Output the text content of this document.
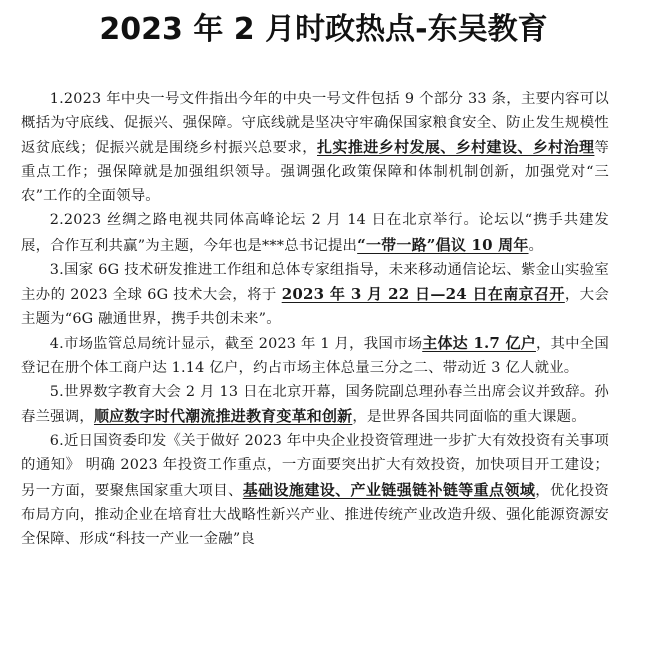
2023 年 2 月时政热点-东吴教育

1.2023 年中央一号文件指出今年的中央一号文件包括 9 个部分 33 条，主要内容可以概括为守底线、促振兴、强保障。守底线就是坚决守牢确保国家粮食安全、防止发生规模性返贫底线；促振兴就是围绕乡村振兴总要求，扎实推进乡村发展、乡村建设、乡村治理等重点工作；强保障就是加强组织领导。强调强化政策保障和体制机制创新，加强党对“三农”工作的全面领导。

2.2023 丝绸之路电视共同体高峰论坛 2 月 14 日在北京举行。论坛以“携手共建发展，合作互利共赢”为主题，今年也是***总书记提出“一带一路”倡议 10 周年。

3.国家 6G 技术研发推进工作组和总体专家组指导，未来移动通信论坛、紫金山实验室主办的 2023 全球 6G 技术大会，将于 2023 年 3 月 22 日—24 日在南京召开，大会主题为“6G 融通世界，携手共创未来”。

4.市场监管总局统计显示，截至 2023 年 1 月，我国市场主体达 1.7 亿户，其中全国登记在册个体工商户达 1.14 亿户，约占市场主体总量三分之二、带动近 3 亿人就业。

5.世界数字教育大会 2 月 13 日在北京开幕，国务院副总理孙春兰出席会议并致辞。孙春兰强调，顺应数字时代潮流推进教育变革和创新，是世界各国共同面临的重大课题。

6.近日国资委印发《关于做好 2023 年中央企业投资管理进一步扩大有效投资有关事项的通知》 明确 2023 年投资工作重点，一方面要突出扩大有效投资，加快项目开工建设；另一方面，要聚焦国家重大项目、基础设施建设、产业链强链补链等重点领域，优化投资布局方向，推动企业在培育壮大战略性新兴产业、推进传统产业改造升级、强化能源资源安全保障、形成“科技一产业一金融”良
